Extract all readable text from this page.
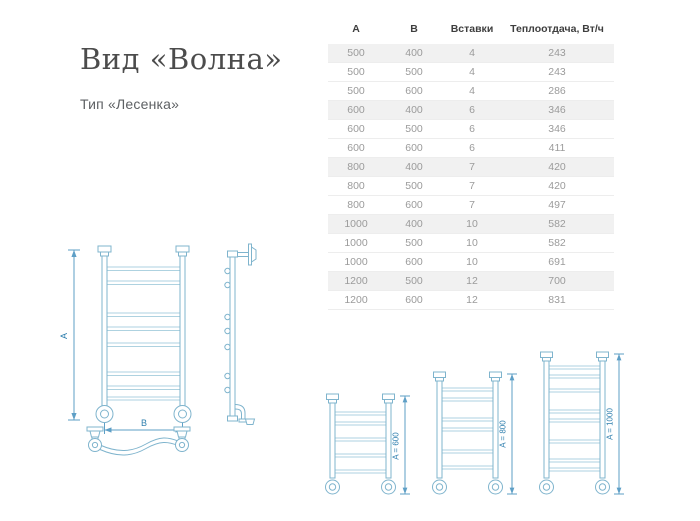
Вид «Волна»
Тип «Лесенка»
А	В	Вставки	Теплоотдача, Вт/ч
500	400	4	243
500	500	4	243
500	600	4	286
600	400	6	346
600	500	6	346
600	600	6	411
800	400	7	420
800	500	7	420
800	600	7	497
1000	400	10	582
1000	500	10	582
1000	600	10	691
1200	500	12	700
1200	600	12	831
A
B
A = 600	A = 800	A = 1000
